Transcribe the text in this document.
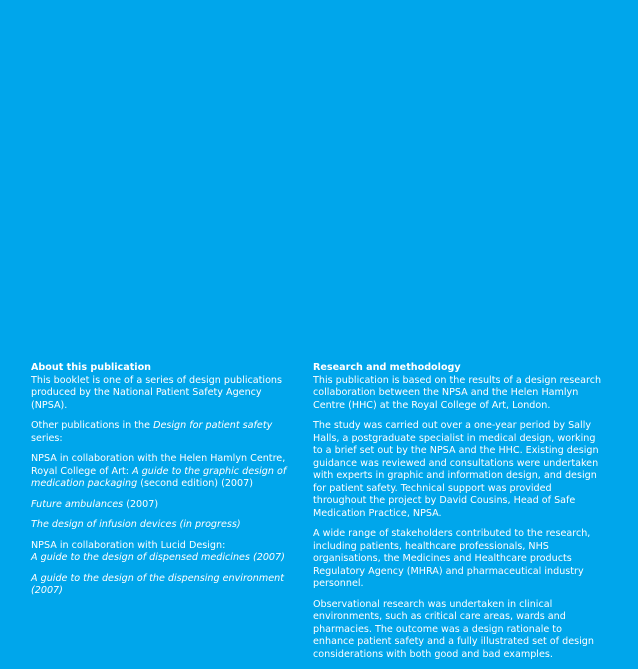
About this publication

This booklet is one of a series of design publications produced by the National Patient Safety Agency (NPSA).

Other publications in the Design for patient safety series:

NPSA in collaboration with the Helen Hamlyn Centre, Royal College of Art: A guide to the graphic design of medication packaging (second edition) (2007)

Future ambulances (2007)

The design of infusion devices (in progress)

NPSA in collaboration with Lucid Design:
A guide to the design of dispensed medicines (2007)

A guide to the design of the dispensing environment (2007)

Research and methodology

This publication is based on the results of a design research collaboration between the NPSA and the Helen Hamlyn Centre (HHC) at the Royal College of Art, London.

The study was carried out over a one-year period by Sally Halls, a postgraduate specialist in medical design, working to a brief set out by the NPSA and the HHC. Existing design guidance was reviewed and consultations were undertaken with experts in graphic and information design, and design for patient safety. Technical support was provided throughout the project by David Cousins, Head of Safe Medication Practice, NPSA.

A wide range of stakeholders contributed to the research, including patients, healthcare professionals, NHS organisations, the Medicines and Healthcare products Regulatory Agency (MHRA) and pharmaceutical industry personnel.

Observational research was undertaken in clinical environments, such as critical care areas, wards and pharmacies. The outcome was a design rationale to enhance patient safety and a fully illustrated set of design considerations with both good and bad examples.
